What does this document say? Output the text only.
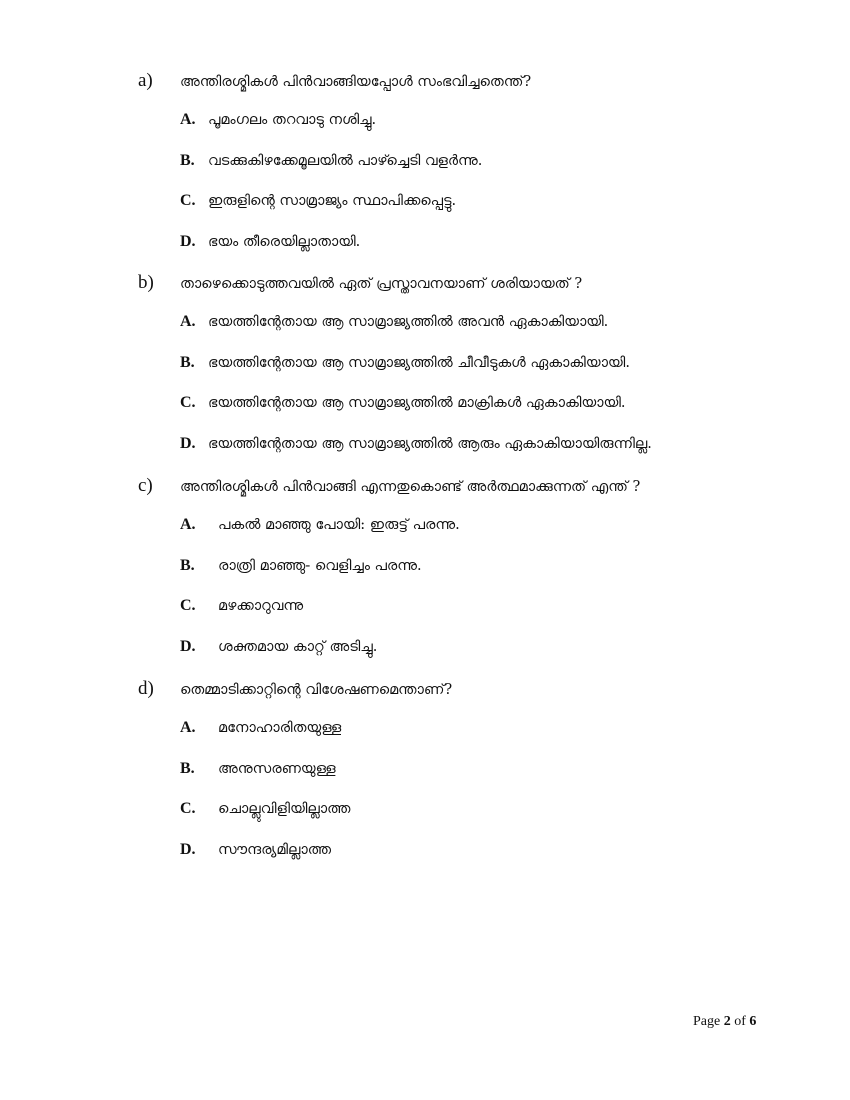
a)	അന്തിരശ്മികൾ പിൻവാങ്ങിയപ്പോൾ സംഭവിച്ചതെന്ത്?
A. പൂമംഗലം തറവാടു നശിച്ചു.
B. വടക്കുകിഴക്കേമൂലയിൽ പാഴ്ച്ചെടി വളർന്നു.
C. ഇരുളിന്റെ സാമ്രാജ്യം സ്ഥാപിക്കപ്പെട്ടു.
D. ഭയം തീരെയില്ലാതായി.
b)	താഴെക്കൊടുത്തവയിൽ ഏത് പ്രസ്താവനയാണ് ശരിയായത് ?
A. ഭയത്തിന്റേതായ ആ സാമ്രാജ്യത്തിൽ അവൻ ഏകാകിയായി.
B. ഭയത്തിന്റേതായ ആ സാമ്രാജ്യത്തിൽ ചീവീടുകൾ ഏകാകിയായി.
C. ഭയത്തിന്റേതായ ആ സാമ്രാജ്യത്തിൽ മാക്രികൾ ഏകാകിയായി.
D. ഭയത്തിന്റേതായ ആ സാമ്രാജ്യത്തിൽ ആരും ഏകാകിയായിരുന്നില്ല.
c)	അന്തിരശ്മികൾ പിൻവാങ്ങി എന്നതുകൊണ്ട് അർത്ഥമാക്കുന്നത് എന്ത് ?
A.	പകൽ മാഞ്ഞു പോയി: ഇരുട്ട് പരന്നു.
B.	രാത്രി മാഞ്ഞു- വെളിച്ചം പരന്നു.
C.	മഴക്കാറുവന്നു
D.	ശക്തമായ കാറ്റ് അടിച്ചു.
d)	തെമ്മാടിക്കാറ്റിന്റെ വിശേഷണമെന്താണ്?
A.	മനോഹാരിതയുള്ള
B.	അനുസരണയുള്ള
C.	ചൊല്ലുവിളിയില്ലാത്ത
D.	സൗന്ദര്യമില്ലാത്ത
Page 2 of 6
